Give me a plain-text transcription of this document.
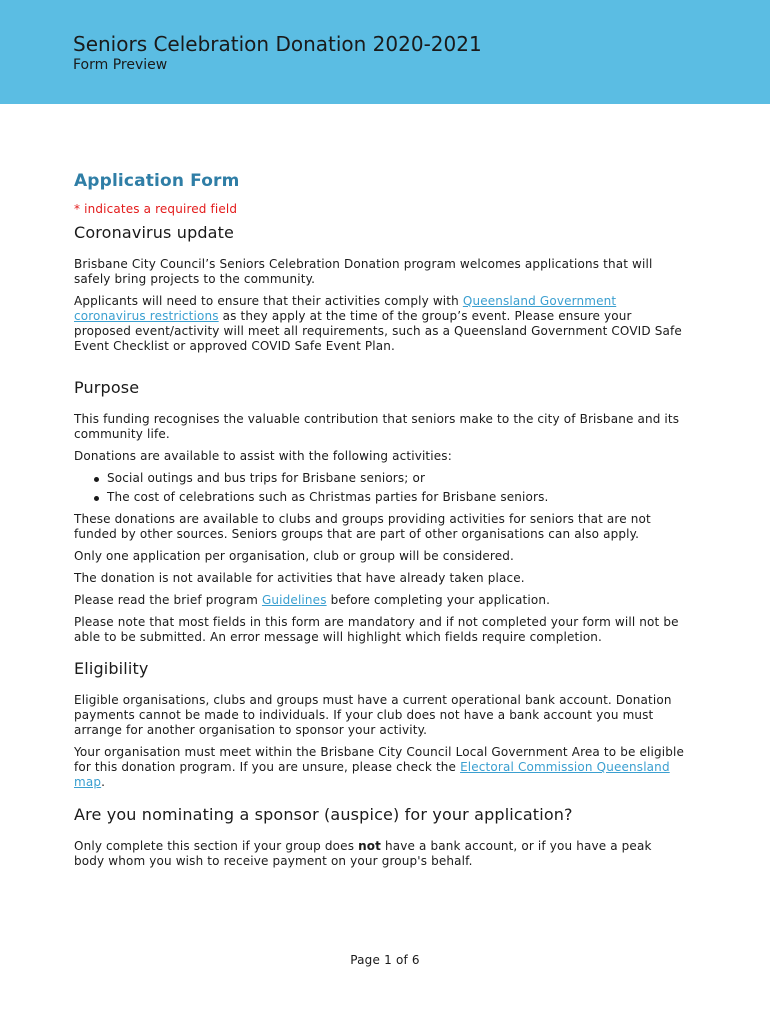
Seniors Celebration Donation 2020-2021
Form Preview
Application Form

* indicates a required field

Coronavirus update

Brisbane City Council’s Seniors Celebration Donation program welcomes applications that will safely bring projects to the community.

Applicants will need to ensure that their activities comply with Queensland Government coronavirus restrictions as they apply at the time of the group’s event. Please ensure your proposed event/activity will meet all requirements, such as a Queensland Government COVID Safe Event Checklist or approved COVID Safe Event Plan.

Purpose

This funding recognises the valuable contribution that seniors make to the city of Brisbane and its community life.

Donations are available to assist with the following activities:

Social outings and bus trips for Brisbane seniors; or
The cost of celebrations such as Christmas parties for Brisbane seniors.

These donations are available to clubs and groups providing activities for seniors that are not funded by other sources. Seniors groups that are part of other organisations can also apply.

Only one application per organisation, club or group will be considered.

The donation is not available for activities that have already taken place.

Please read the brief program Guidelines before completing your application.

Please note that most fields in this form are mandatory and if not completed your form will not be able to be submitted. An error message will highlight which fields require completion.

Eligibility

Eligible organisations, clubs and groups must have a current operational bank account. Donation payments cannot be made to individuals. If your club does not have a bank account you must arrange for another organisation to sponsor your activity.

Your organisation must meet within the Brisbane City Council Local Government Area to be eligible for this donation program. If you are unsure, please check the Electoral Commission Queensland map.

Are you nominating a sponsor (auspice) for your application?

Only complete this section if your group does not have a bank account, or if you have a peak body whom you wish to receive payment on your group's behalf.

Page 1 of 6
